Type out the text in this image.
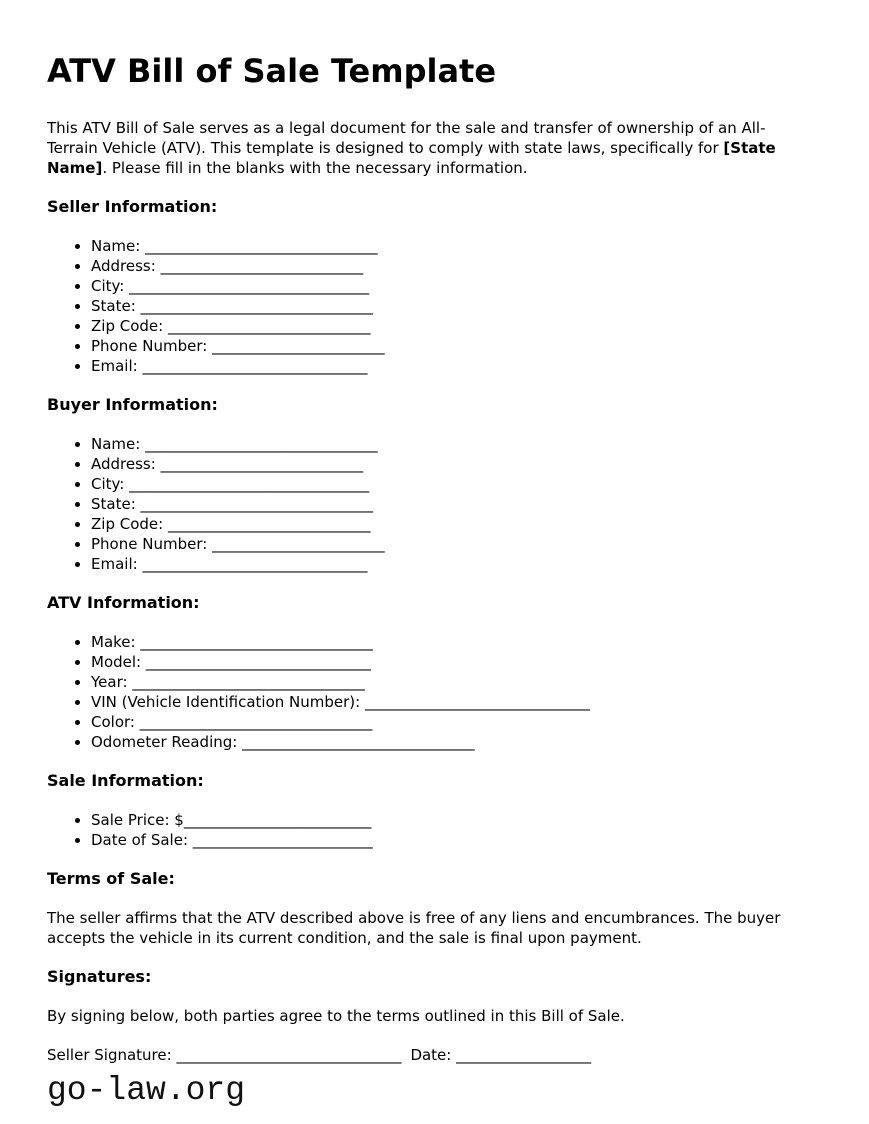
ATV Bill of Sale Template

This ATV Bill of Sale serves as a legal document for the sale and transfer of ownership of an All-Terrain Vehicle (ATV). This template is designed to comply with state laws, specifically for [State Name]. Please fill in the blanks with the necessary information.

Seller Information:
• Name: _______________________________
• Address: ___________________________
• City: ________________________________
• State: _______________________________
• Zip Code: ___________________________
• Phone Number: _______________________
• Email: ______________________________
Buyer Information:
• Name: _______________________________
• Address: ___________________________
• City: ________________________________
• State: _______________________________
• Zip Code: ___________________________
• Phone Number: _______________________
• Email: ______________________________
ATV Information:
• Make: _______________________________
• Model: ______________________________
• Year: _______________________________
• VIN (Vehicle Identification Number): ______________________________
• Color: _______________________________
• Odometer Reading: _______________________________
Sale Information:
• Sale Price: $_________________________
• Date of Sale: ________________________
Terms of Sale:

The seller affirms that the ATV described above is free of any liens and encumbrances. The buyer accepts the vehicle in its current condition, and the sale is final upon payment.

Signatures:

By signing below, both parties agree to the terms outlined in this Bill of Sale.

Seller Signature: ______________________________ Date: __________________
go-law.org
